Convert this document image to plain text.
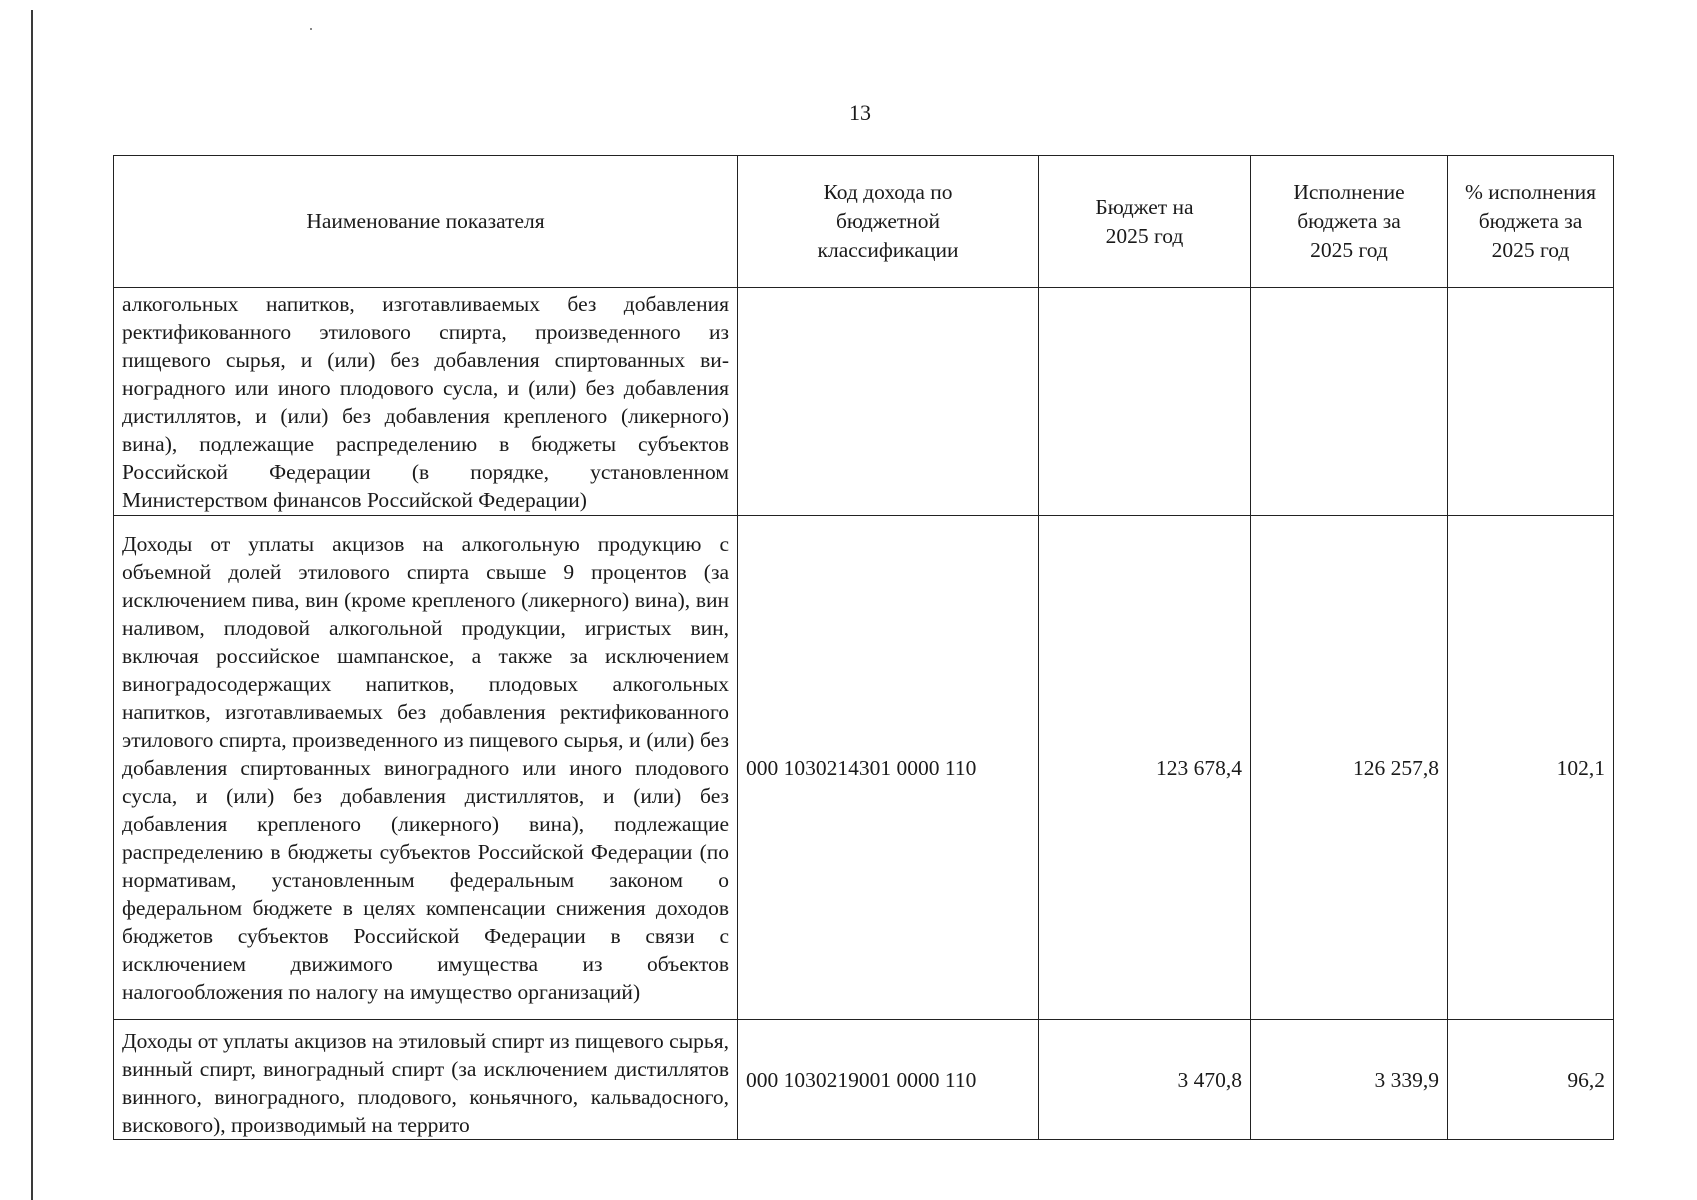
13
Наименование показателя	Код дохода по бюджетной классификации	Бюджет на 2025 год	Исполнение бюджета за 2025 год	% исполнения бюджета за 2025 год
алкогольных напитков, изготавливаемых без добавления ректификованного этилового спирта, произведенного из пищевого сырья, и (или) без добавления спиртованных виноградного или иного плодового сусла, и (или) без добавления дистиллятов, и (или) без добавления крепленого (ликерного) вина), подлежащие распределению в бюджеты субъектов Российской Федерации (в порядке, установленном Министерством финансов Российской Федерации)				
Доходы от уплаты акцизов на алкогольную продукцию с объемной долей этилового спирта свыше 9 процентов (за исключением пива, вин (кроме крепленого (ликерного) вина), вин наливом, плодовой алкогольной продукции, игристых вин, включая российское шампанское, а также за исключением виноградосодержащих напитков, плодовых алкогольных напитков, изготавливаемых без добавления ректификованного этилового спирта, произведенного из пищевого сырья, и (или) без добавления спиртованных виноградного или иного плодового сусла, и (или) без добавления дистиллятов, и (или) без добавления крепленого (ликерного) вина), подлежащие распределению в бюджеты субъектов Российской Федерации (по нормативам, установленным федеральным законом о федеральном бюджете в целях компенсации снижения доходов бюджетов субъектов Российской Федерации в связи с исключением движимого имущества из объектов налогообложения по налогу на имущество организаций)	000 1030214301 0000 110	123 678,4	126 257,8	102,1
Доходы от уплаты акцизов на этиловый спирт из пищевого сырья, винный спирт, виноградный спирт (за исключением дистиллятов винного, виноградного, плодового, коньячного, кальвадосного, вискового), производимый на террито	000 1030219001 0000 110	3 470,8	3 339,9	96,2
